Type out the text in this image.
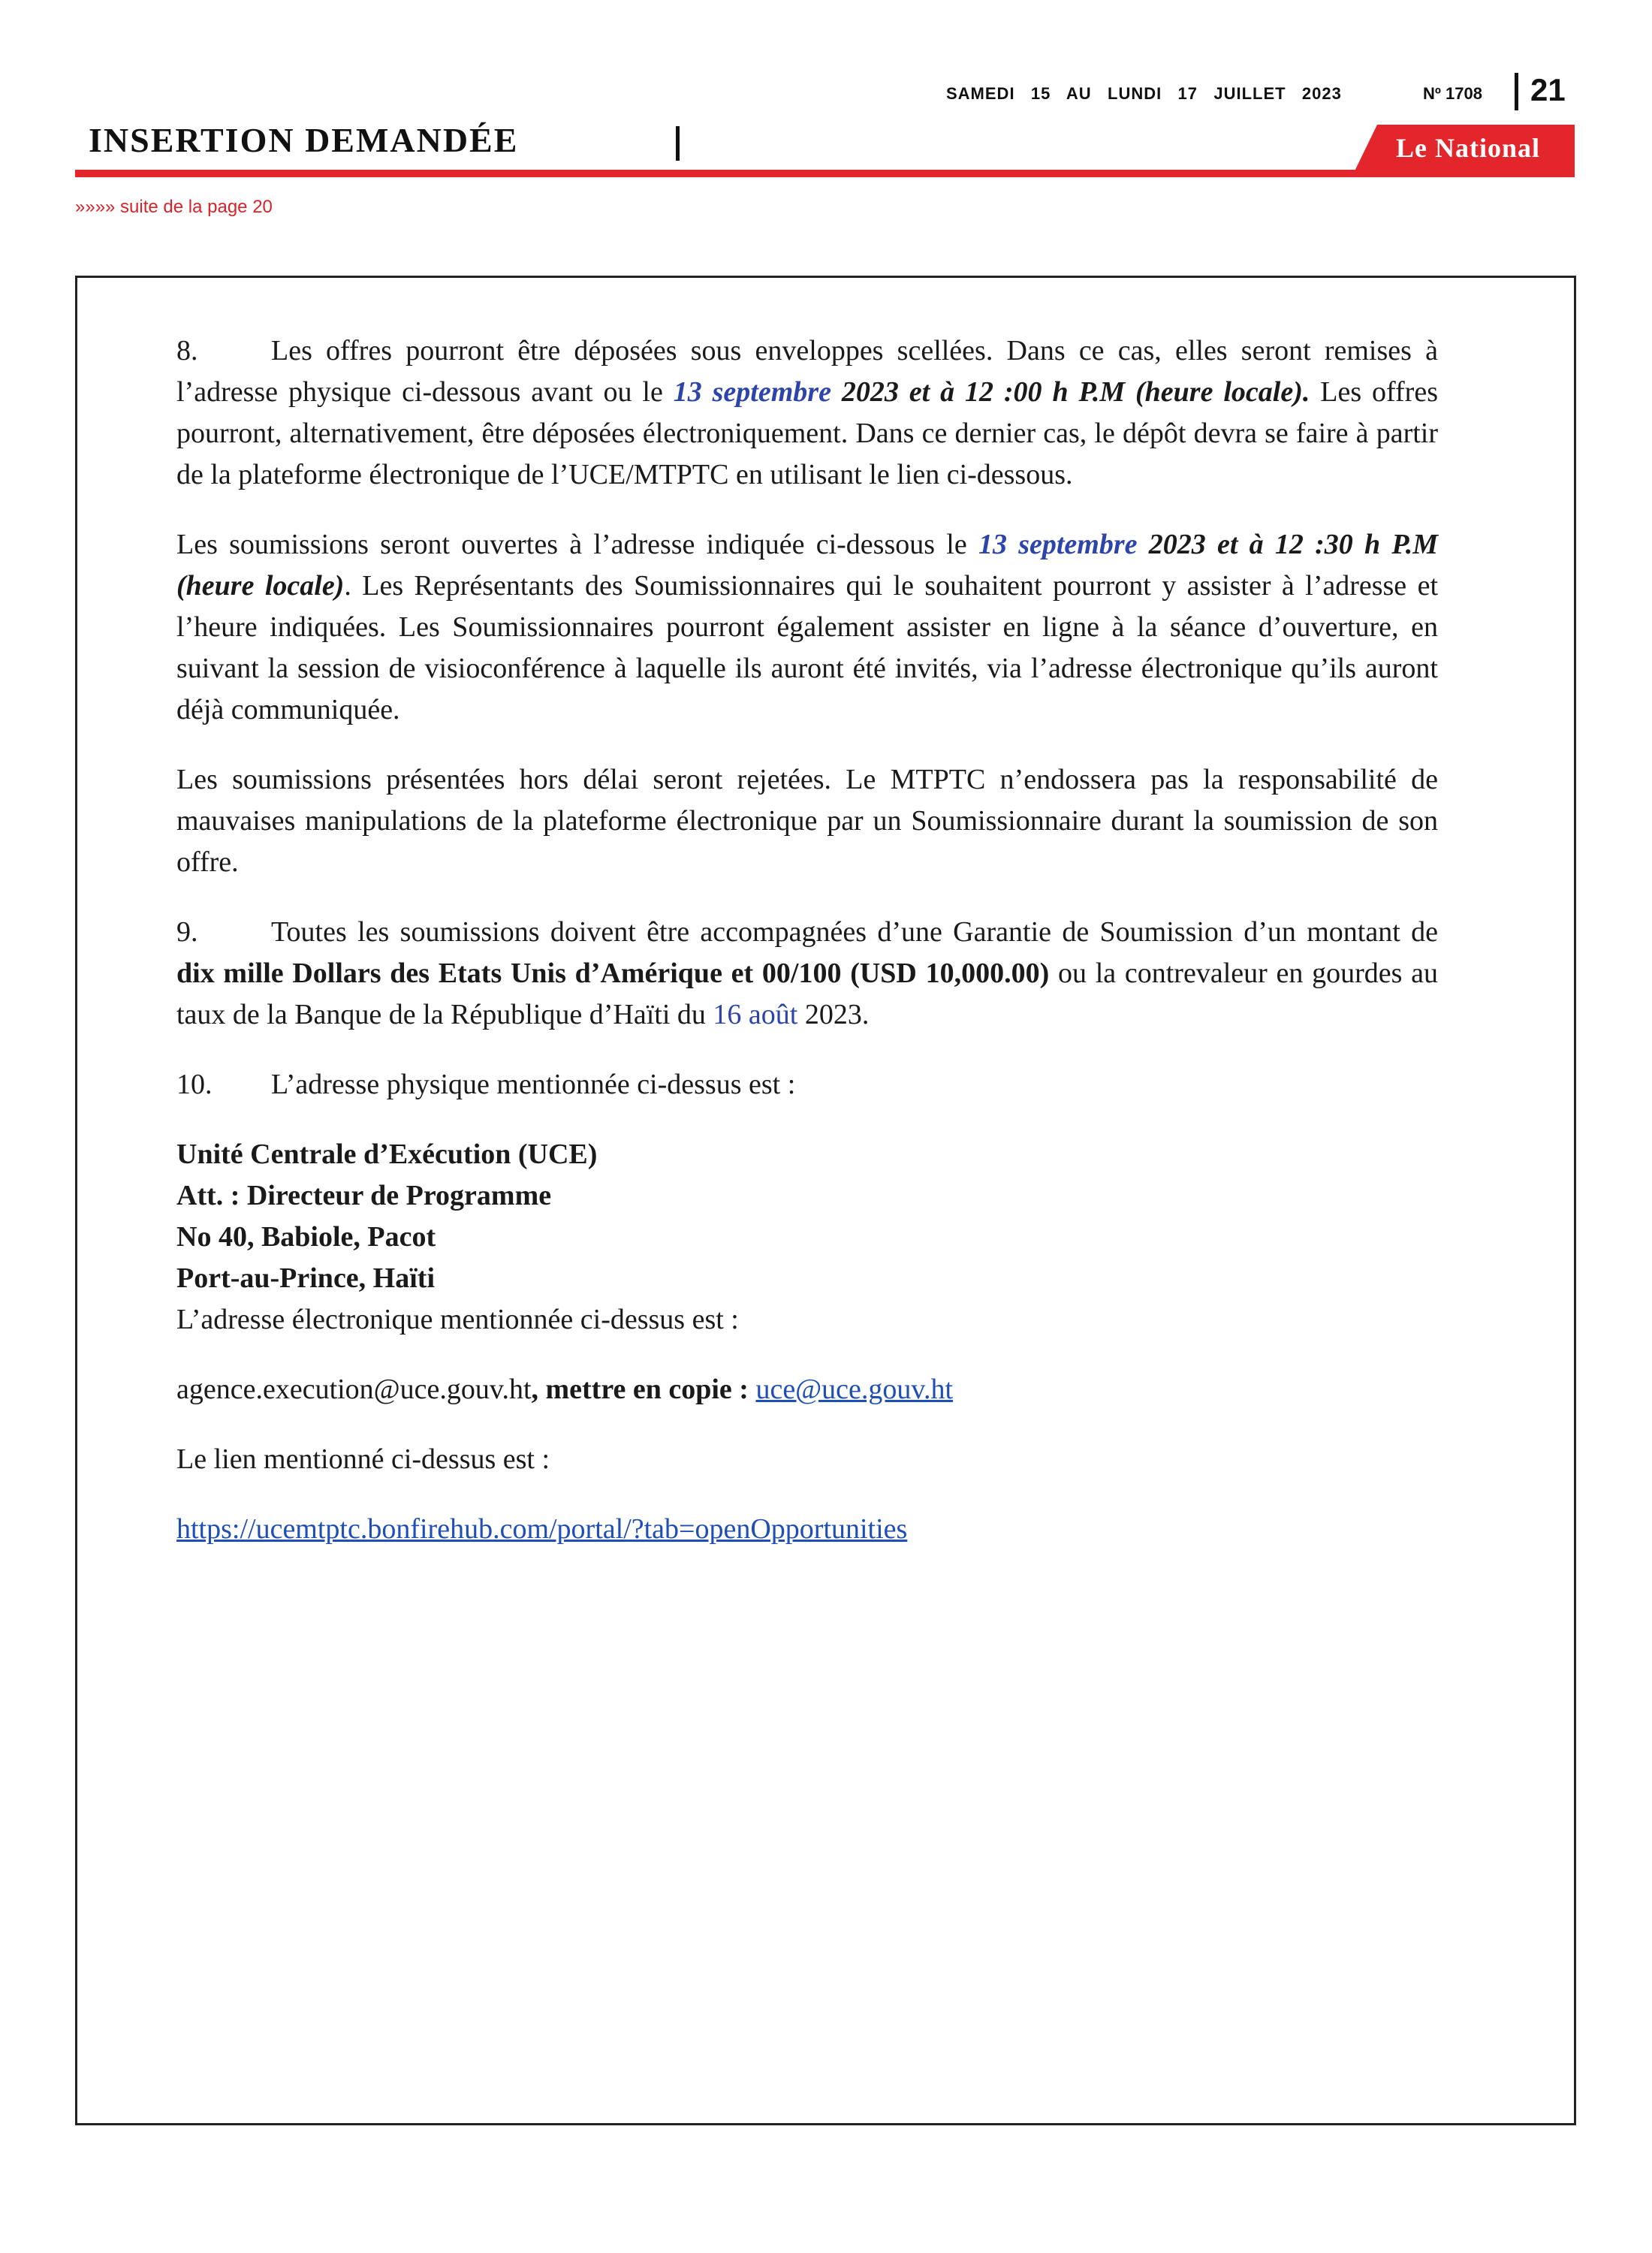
SAMEDI   15   AU   LUNDI   17   JUILLET   2023	Nº 1708 21
INSERTION DEMANDÉE	Le National
»»»» suite de la page 20

8.	Les offres pourront être déposées sous enveloppes scellées. Dans ce cas, elles seront remises à l’adresse physique ci-dessous avant ou le 13 septembre 2023 et à 12 :00 h P.M (heure locale). Les offres pourront, alternativement, être déposées électroniquement. Dans ce dernier cas, le dépôt devra se faire à partir de la plateforme électronique de l’UCE/MTPTC en utilisant le lien ci-dessous.

Les soumissions seront ouvertes à l’adresse indiquée ci-dessous le 13 septembre 2023 et à 12 :30 h P.M (heure locale). Les Représentants des Soumissionnaires qui le souhaitent pourront y assister à l’adresse et l’heure indiquées. Les Soumissionnaires pourront également assister en ligne à la séance d’ouverture, en suivant la session de visioconférence à laquelle ils auront été invités, via l’adresse électronique qu’ils auront déjà communiquée.

Les soumissions présentées hors délai seront rejetées. Le MTPTC n’endossera pas la responsabilité de mauvaises manipulations de la plateforme électronique par un Soumissionnaire durant la soumission de son offre.

9.	Toutes les soumissions doivent être accompagnées d’une Garantie de Soumission d’un montant de dix mille Dollars des Etats Unis d’Amérique et 00/100 (USD 10,000.00) ou la contrevaleur en gourdes au taux de la Banque de la République d’Haïti du 16 août 2023.

10. L’adresse physique mentionnée ci-dessus est :

Unité Centrale d’Exécution (UCE)
Att. : Directeur de Programme
No 40, Babiole, Pacot
Port-au-Prince, Haïti
L’adresse électronique mentionnée ci-dessus est :

agence.execution@uce.gouv.ht, mettre en copie : uce@uce.gouv.ht

Le lien mentionné ci-dessus est :

https://ucemtptc.bonfirehub.com/portal/?tab=openOpportunities
